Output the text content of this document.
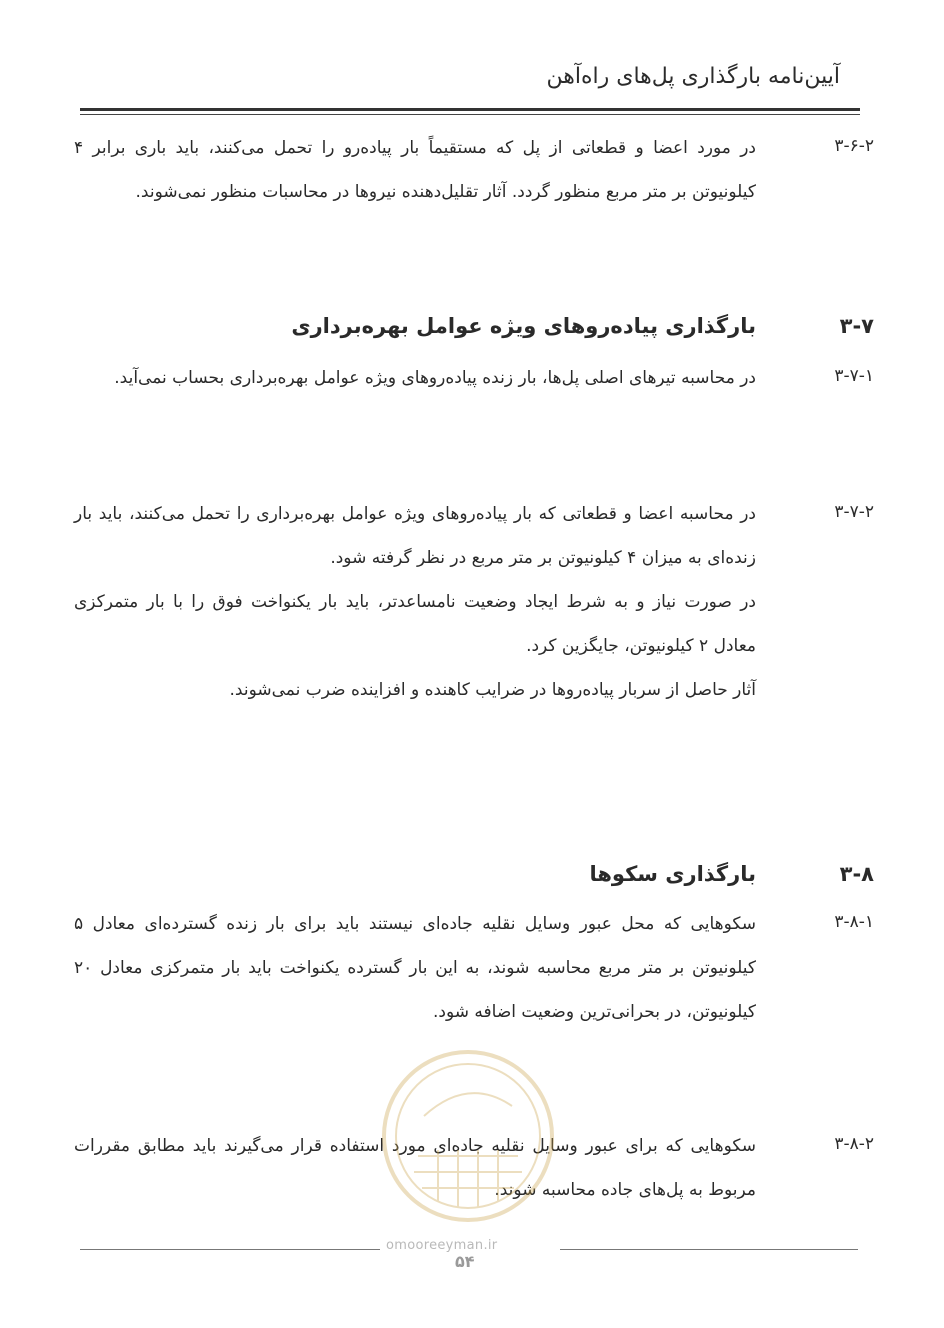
آیین‌نامه بارگذاری پل‌های راه‌آهن
۳-۶-۲

در مورد اعضا و قطعاتی از پل که مستقیماً بار پیاده‌رو را تحمل می‌کنند، باید باری برابر ۴ کیلونیوتن بر متر مربع منظور گردد. آثار تقلیل‌دهنده نیروها در محاسبات منظور نمی‌شوند.

۳-۷
بارگذاری پیاده‌روهای ویژه عوامل بهره‌برداری
۳-۷-۱

در محاسبه تیرهای اصلی پل‌ها، بار زنده پیاده‌روهای ویژه عوامل بهره‌برداری بحساب نمی‌آید.

۳-۷-۲

در محاسبه اعضا و قطعاتی که بار پیاده‌روهای ویژه عوامل بهره‌برداری را تحمل می‌کنند، باید بار زنده‌ای به میزان ۴ کیلونیوتن بر متر مربع در نظر گرفته شود.

در صورت نیاز و به شرط ایجاد وضعیت نامساعدتر، باید بار یکنواخت فوق را با بار متمرکزی معادل ۲ کیلونیوتن، جایگزین کرد.

آثار حاصل از سربار پیاده‌روها در ضرایب کاهنده و افزاینده ضرب نمی‌شوند.

۳-۸
بارگذاری سکوها
۳-۸-۱

سکوهایی که محل عبور وسایل نقلیه جاده‌ای نیستند باید برای بار زنده گسترده‌ای معادل ۵ کیلونیوتن بر متر مربع محاسبه شوند، به این بار گسترده یکنواخت باید بار متمرکزی معادل ۲۰ کیلونیوتن، در بحرانی‌ترین وضعیت اضافه شود.

۳-۸-۲

سکوهایی که برای عبور وسایل نقلیه جاده‌ای مورد استفاده قرار می‌گیرند باید مطابق مقررات مربوط به پل‌های جاده محاسبه شوند.

omooreeyman.ir
۵۴
